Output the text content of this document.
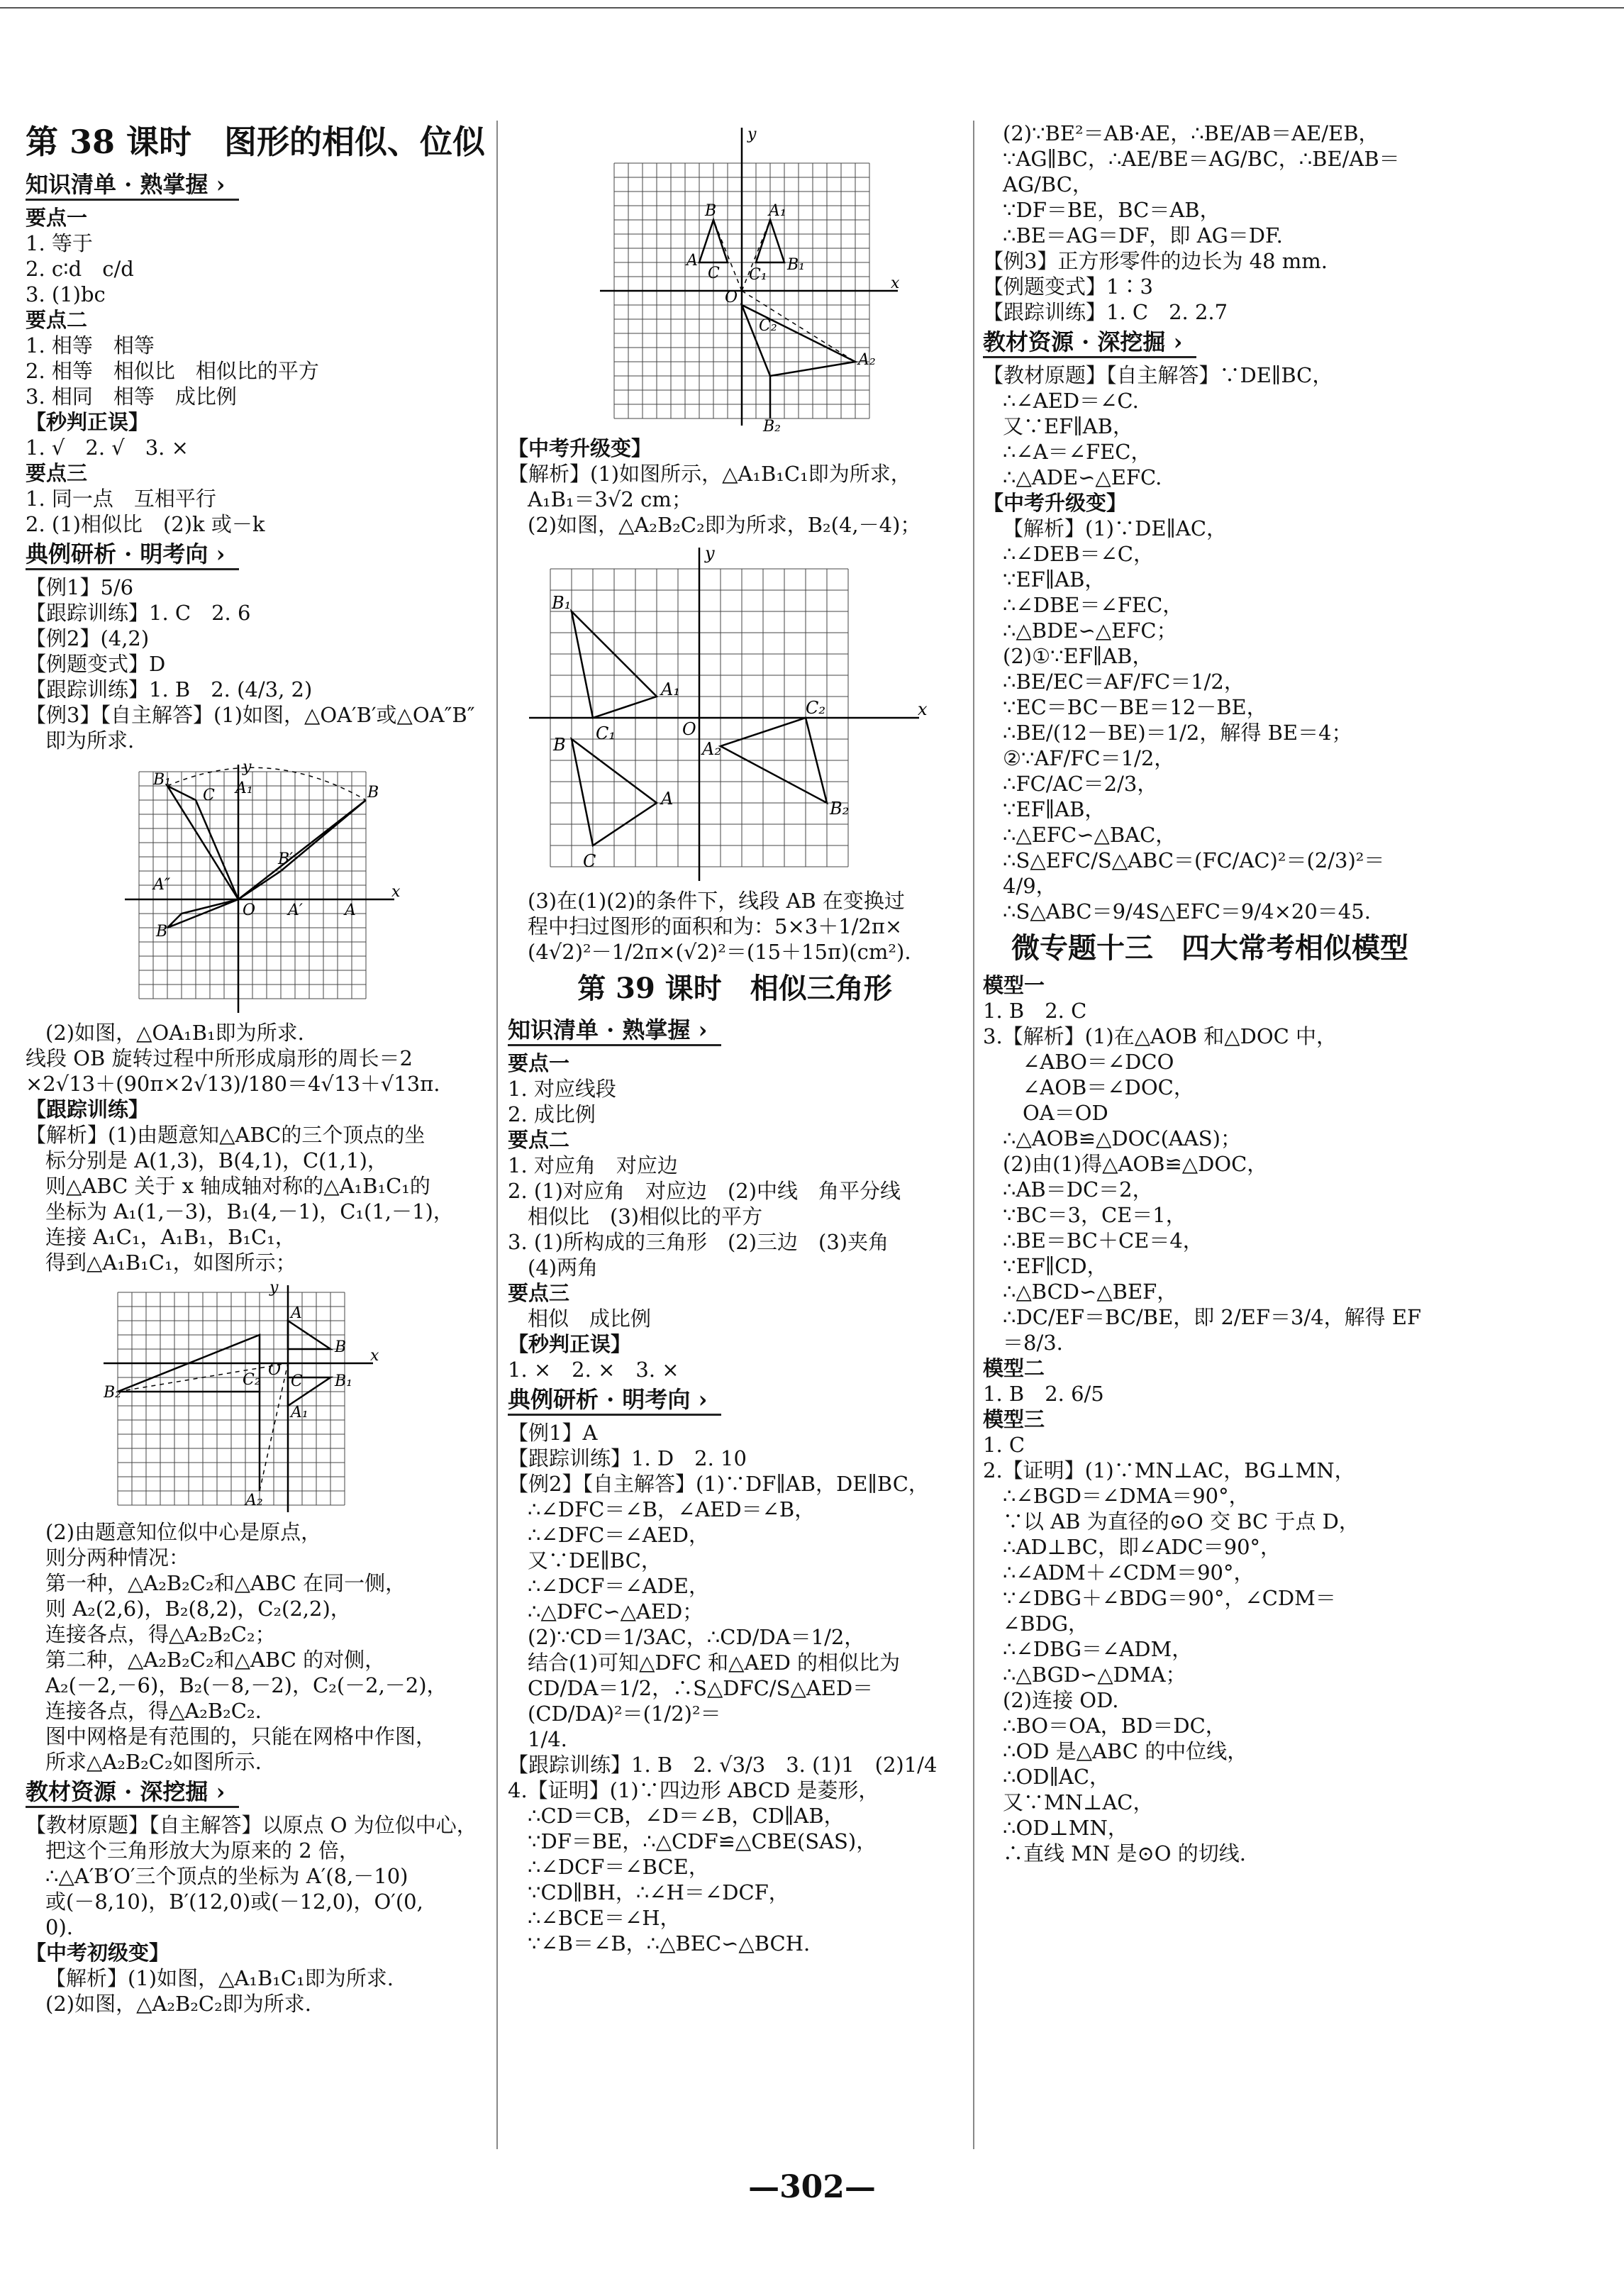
第 38 课时　图形的相似、位似
知识清单 · 熟掌握 ›
要点一
1. 等于
2. c∶d　c/d
3. (1)bc
要点二
1. 相等　相等
2. 相等　相似比　相似比的平方
3. 相同　相等　成比例
【秒判正误】
1. √　2. √　3. ×
要点三
1. 同一点　互相平行
2. (1)相似比　(2)k 或－k
典例研析 · 明考向 ›
【例1】5/6
【跟踪训练】1. C　2. 6
【例2】(4,2)
【例题变式】D
【跟踪训练】1. B　2. (4/3, 2)
【例3】【自主解答】(1)如图，△OA′B′或△OA″B″
即为所求.
y
x
O
B₁
C A₁	B
B′
A′	A
A″
B″
(2)如图，△OA₁B₁即为所求.
线段 OB 旋转过程中所形成扇形的周长＝2
×2√13＋(90π×2√13)/180＝4√13＋√13π.
【跟踪训练】
【解析】(1)由题意知△ABC的三个顶点的坐
标分别是 A(1,3)，B(4,1)，C(1,1)，
则△ABC 关于 x 轴成轴对称的△A₁B₁C₁的
坐标为 A₁(1,－3)，B₁(4,－1)，C₁(1,－1)，
连接 A₁C₁，A₁B₁，B₁C₁，
得到△A₁B₁C₁，如图所示；
y
x
O
A
B
C B₁
A₁
B₂
C₂
A₂
(2)由题意知位似中心是原点，
则分两种情况：
第一种，△A₂B₂C₂和△ABC 在同一侧，
则 A₂(2,6)，B₂(8,2)，C₂(2,2)，
连接各点，得△A₂B₂C₂；
第二种，△A₂B₂C₂和△ABC 的对侧，
A₂(－2,－6)，B₂(－8,－2)，C₂(－2,－2)，
连接各点，得△A₂B₂C₂.
图中网格是有范围的，只能在网格中作图，
所求△A₂B₂C₂如图所示.
教材资源 · 深挖掘 ›
【教材原题】【自主解答】以原点 O 为位似中心，
把这个三角形放大为原来的 2 倍，
∴△A′B′O′三个顶点的坐标为 A′(8,－10)
或(－8,10)，B′(12,0)或(－12,0)，O′(0,
0).
【中考初级变】
【解析】(1)如图，△A₁B₁C₁即为所求.
(2)如图，△A₂B₂C₂即为所求.
y
x
O
B
A
C
A₁
B₁
C₁
C₂
A₂
B₂
【中考升级变】
【解析】(1)如图所示，△A₁B₁C₁即为所求，
A₁B₁＝3√2 cm；
(2)如图，△A₂B₂C₂即为所求，B₂(4,－4)；
y
x
O
B₁
A₁
C₁
B
A
C
C₂
A₂
B₂
(3)在(1)(2)的条件下，线段 AB 在变换过
程中扫过图形的面积和为：5×3＋1/2π×
(4√2)²－1/2π×(√2)²＝(15＋15π)(cm²).
第 39 课时　相似三角形
知识清单 · 熟掌握 ›
要点一
1. 对应线段
2. 成比例
要点二
1. 对应角　对应边
2. (1)对应角　对应边　(2)中线　角平分线
相似比　(3)相似比的平方
3. (1)所构成的三角形　(2)三边　(3)夹角
(4)两角
要点三
相似　成比例
【秒判正误】
1. ×　2. ×　3. ×
典例研析 · 明考向 ›
【例1】A
【跟踪训练】1. D　2. 10
【例2】【自主解答】(1)∵DF∥AB，DE∥BC，
∴∠DFC＝∠B，∠AED＝∠B，
∴∠DFC＝∠AED，
又∵DE∥BC，
∴∠DCF＝∠ADE，
∴△DFC∽△AED；
(2)∵CD＝1/3AC，∴CD/DA＝1/2，
结合(1)可知△DFC 和△AED 的相似比为
CD/DA＝1/2，∴S△DFC/S△AED＝(CD/DA)²＝(1/2)²＝
1/4.
【跟踪训练】1. B　2. √3/3　3. (1)1　(2)1/4
4.【证明】(1)∵四边形 ABCD 是菱形，
∴CD＝CB，∠D＝∠B，CD∥AB，
∵DF＝BE，∴△CDF≌△CBE(SAS)，
∴∠DCF＝∠BCE，
∵CD∥BH，∴∠H＝∠DCF，
∴∠BCE＝∠H，
∵∠B＝∠B，∴△BEC∽△BCH.
(2)∵BE²＝AB·AE，∴BE/AB＝AE/EB，
∵AG∥BC，∴AE/BE＝AG/BC，∴BE/AB＝AG/BC，
∵DF＝BE，BC＝AB，
∴BE＝AG＝DF，即 AG＝DF.
【例3】正方形零件的边长为 48 mm.
【例题变式】1∶3
【跟踪训练】1. C　2. 2.7
教材资源 · 深挖掘 ›
【教材原题】【自主解答】∵DE∥BC，
∴∠AED＝∠C.
又∵EF∥AB，
∴∠A＝∠FEC，
∴△ADE∽△EFC.
【中考升级变】
【解析】(1)∵DE∥AC，
∴∠DEB＝∠C，
∵EF∥AB，
∴∠DBE＝∠FEC，
∴△BDE∽△EFC；
(2)①∵EF∥AB，
∴BE/EC＝AF/FC＝1/2，
∵EC＝BC－BE＝12－BE，
∴BE/(12－BE)＝1/2，解得 BE＝4；
②∵AF/FC＝1/2，
∴FC/AC＝2/3，
∵EF∥AB，
∴△EFC∽△BAC，
∴S△EFC/S△ABC＝(FC/AC)²＝(2/3)²＝4/9，
∴S△ABC＝9/4S△EFC＝9/4×20＝45.
微专题十三　四大常考相似模型
模型一
1. B　2. C
3.【解析】(1)在△AOB 和△DOC 中，
∠ABO＝∠DCO
∠AOB＝∠DOC，
OA＝OD
∴△AOB≌△DOC(AAS)；
(2)由(1)得△AOB≌△DOC，
∴AB＝DC＝2，
∵BC＝3，CE＝1，
∴BE＝BC＋CE＝4，
∵EF∥CD，
∴△BCD∽△BEF，
∴DC/EF＝BC/BE，即 2/EF＝3/4，解得 EF＝8/3.
模型二
1. B　2. 6/5
模型三
1. C
2.【证明】(1)∵MN⊥AC，BG⊥MN，
∴∠BGD＝∠DMA＝90°，
∵以 AB 为直径的⊙O 交 BC 于点 D，
∴AD⊥BC，即∠ADC＝90°，
∴∠ADM＋∠CDM＝90°，
∵∠DBG＋∠BDG＝90°，∠CDM＝
∠BDG，
∴∠DBG＝∠ADM，
∴△BGD∽△DMA；
(2)连接 OD.
∴BO＝OA，BD＝DC，
∴OD 是△ABC 的中位线，
∴OD∥AC，
又∵MN⊥AC，
∴OD⊥MN，
∴直线 MN 是⊙O 的切线.
—302—
